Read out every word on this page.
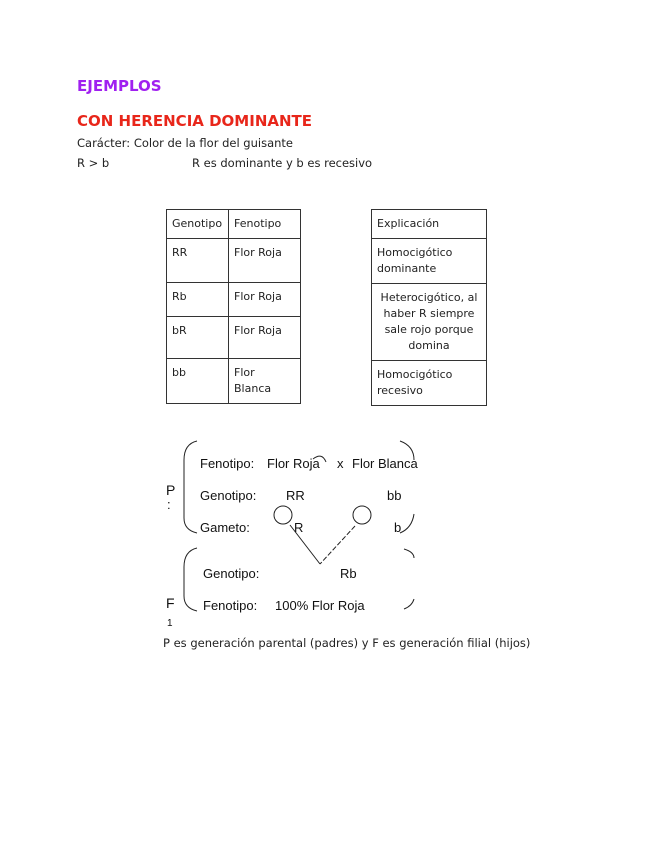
EJEMPLOS
CON HERENCIA DOMINANTE
Carácter: Color de la flor del guisante
R > b	R es dominante y b es recesivo
Genotipo	Fenotipo
RR	Flor Roja
Rb	Flor Roja
bR	Flor Roja
bb	Flor Blanca
Explicación
Homocigótico dominante
Heterocigótico, al haber R siempre sale rojo porque domina
Homocigótico recesivo
P
:
Fenotipo: Flor Roja x Flor Blanca
Genotipo: RR	bb
Gameto:	R	b
F
1
Genotipo:	Rb
Fenotipo: 100% Flor Roja
P es generación parental (padres) y F es generación filial (hijos)
